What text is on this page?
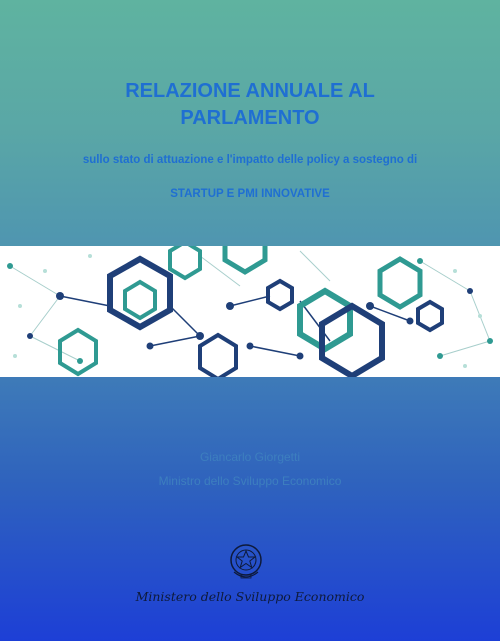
RELAZIONE ANNUALE AL
PARLAMENTO
sullo stato di attuazione e l'impatto delle policy a sostegno di
STARTUP E PMI INNOVATIVE
Giancarlo Giorgetti
Ministro dello Sviluppo Economico
Ministero dello Sviluppo Economico
